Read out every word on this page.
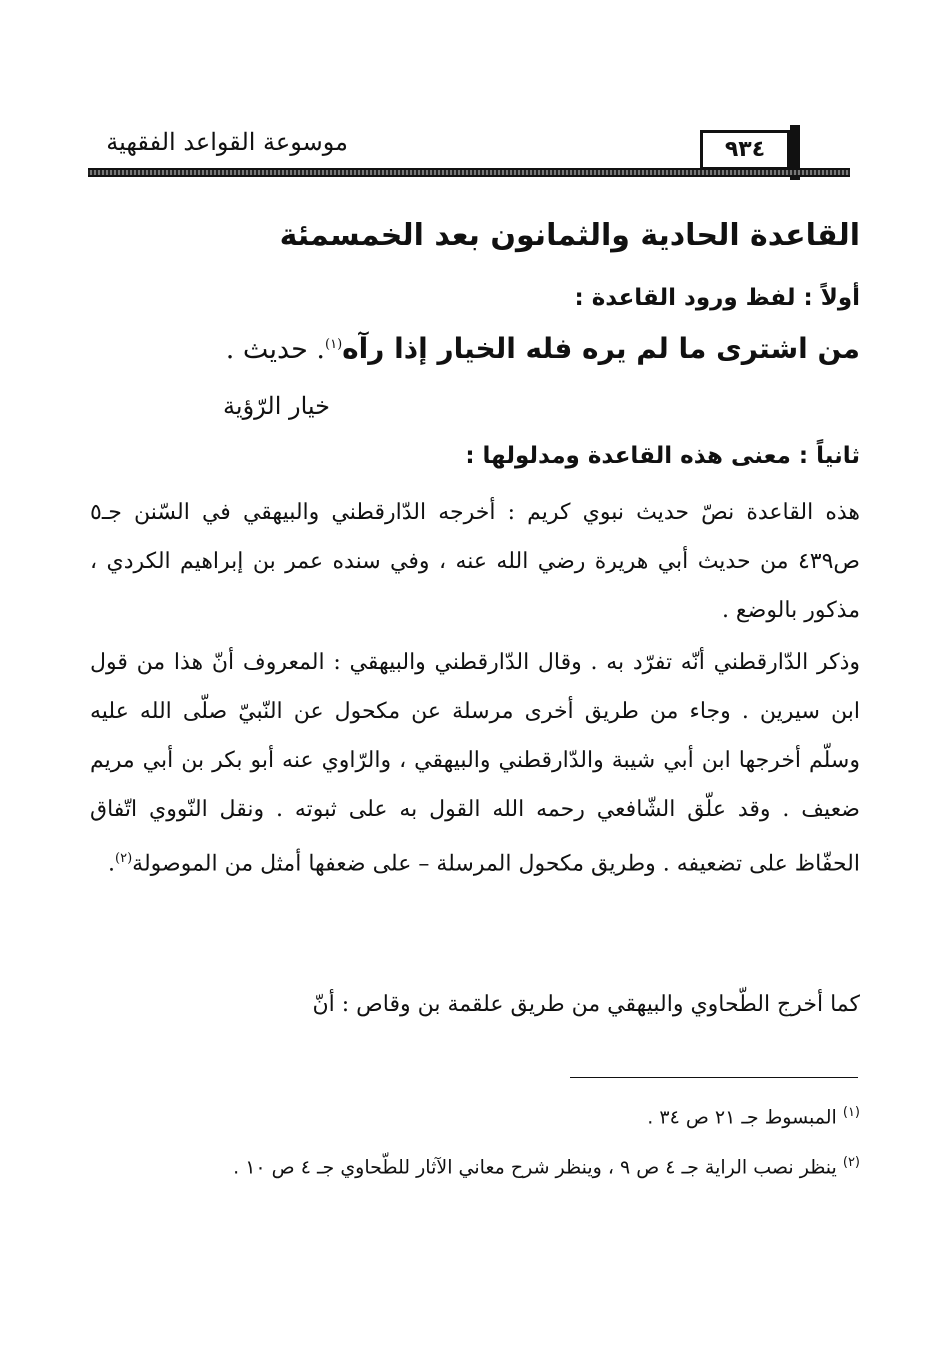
موسوعة القواعد الفقهية	٩٣٤
القاعدة الحادية والثمانون بعد الخمسمئة
أولاً : لفظ ورود القاعدة :
من اشترى ما لم يره فله الخيار إذا رآه$^{(١)}$. حديث .
خيار الرّؤية
ثانياً : معنى هذه القاعدة ومدلولها :
هذه القاعدة نصّ حديث نبوي كريم : أخرجه الدّارقطني والبيهقي في السّنن جـ٥ ص٤٣٩ من حديث أبي هريرة رضي الله عنه ، وفي سنده عمر بن إبراهيم الكردي ، مذكور بالوضع .
وذكر الدّارقطني أنّه تفرّد به . وقال الدّارقطني والبيهقي : المعروف أنّ هذا من قول ابن سيرين . وجاء من طريق أخرى مرسلة عن مكحول عن النّبيّ صلّى الله عليه وسلّم أخرجها ابن أبي شيبة والدّارقطني والبيهقي ، والرّاوي عنه أبو بكر بن أبي مريم ضعيف . وقد علّق الشّافعي رحمه الله القول به على ثبوته . ونقل النّووي اتّفاق الحفّاظ على تضعيفه . وطريق مكحول المرسلة – على ضعفها أمثل من الموصولة$^{(٢)}$.
كما أخرج الطّحاوي والبيهقي من طريق علقمة بن وقاص : أنّ
$^{(١)}$ المبسوط جـ ٢١ ص ٣٤ .
$^{(٢)}$ ينظر نصب الراية جـ ٤ ص ٩ ، وينظر شرح معاني الآثار للطّحاوي جـ ٤ ص ١٠ .
